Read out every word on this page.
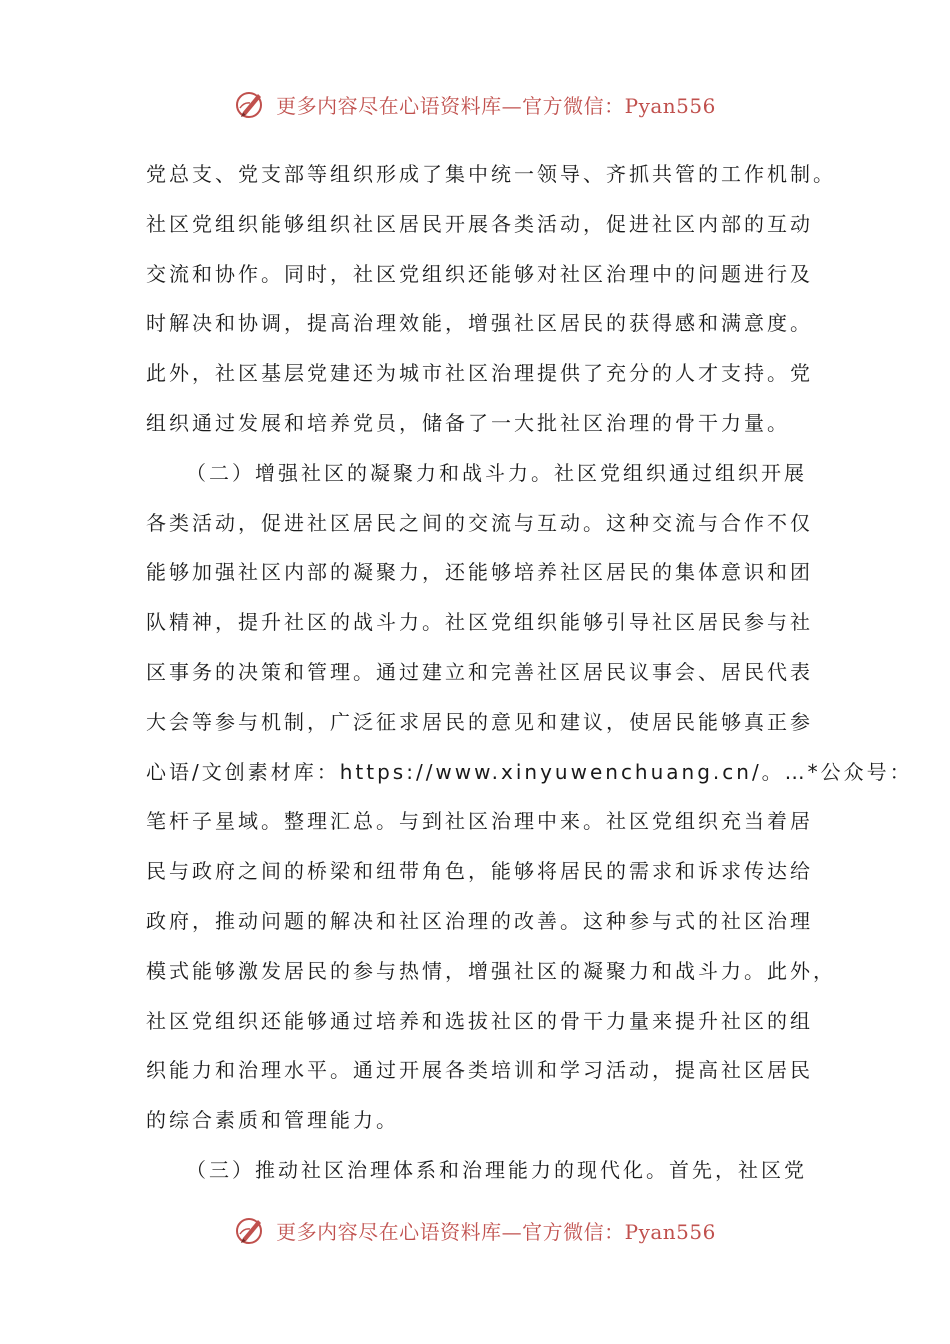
更多内容尽在心语资料库—官方微信：Pyan556
党总支、党支部等组织形成了集中统一领导、齐抓共管的工作机制。
社区党组织能够组织社区居民开展各类活动，促进社区内部的互动
交流和协作。同时，社区党组织还能够对社区治理中的问题进行及
时解决和协调，提高治理效能，增强社区居民的获得感和满意度。
此外，社区基层党建还为城市社区治理提供了充分的人才支持。党
组织通过发展和培养党员，储备了一大批社区治理的骨干力量。
（二）增强社区的凝聚力和战斗力。社区党组织通过组织开展
各类活动，促进社区居民之间的交流与互动。这种交流与合作不仅
能够加强社区内部的凝聚力，还能够培养社区居民的集体意识和团
队精神，提升社区的战斗力。社区党组织能够引导社区居民参与社
区事务的决策和管理。通过建立和完善社区居民议事会、居民代表
大会等参与机制，广泛征求居民的意见和建议，使居民能够真正参
心语/文创素材库：https://www.xinyuwenchuang.cn/。…*公众号：
笔杆子星域。整理汇总。与到社区治理中来。社区党组织充当着居
民与政府之间的桥梁和纽带角色，能够将居民的需求和诉求传达给
政府，推动问题的解决和社区治理的改善。这种参与式的社区治理
模式能够激发居民的参与热情，增强社区的凝聚力和战斗力。此外，
社区党组织还能够通过培养和选拔社区的骨干力量来提升社区的组
织能力和治理水平。通过开展各类培训和学习活动，提高社区居民
的综合素质和管理能力。
（三）推动社区治理体系和治理能力的现代化。首先，社区党
更多内容尽在心语资料库—官方微信：Pyan556
